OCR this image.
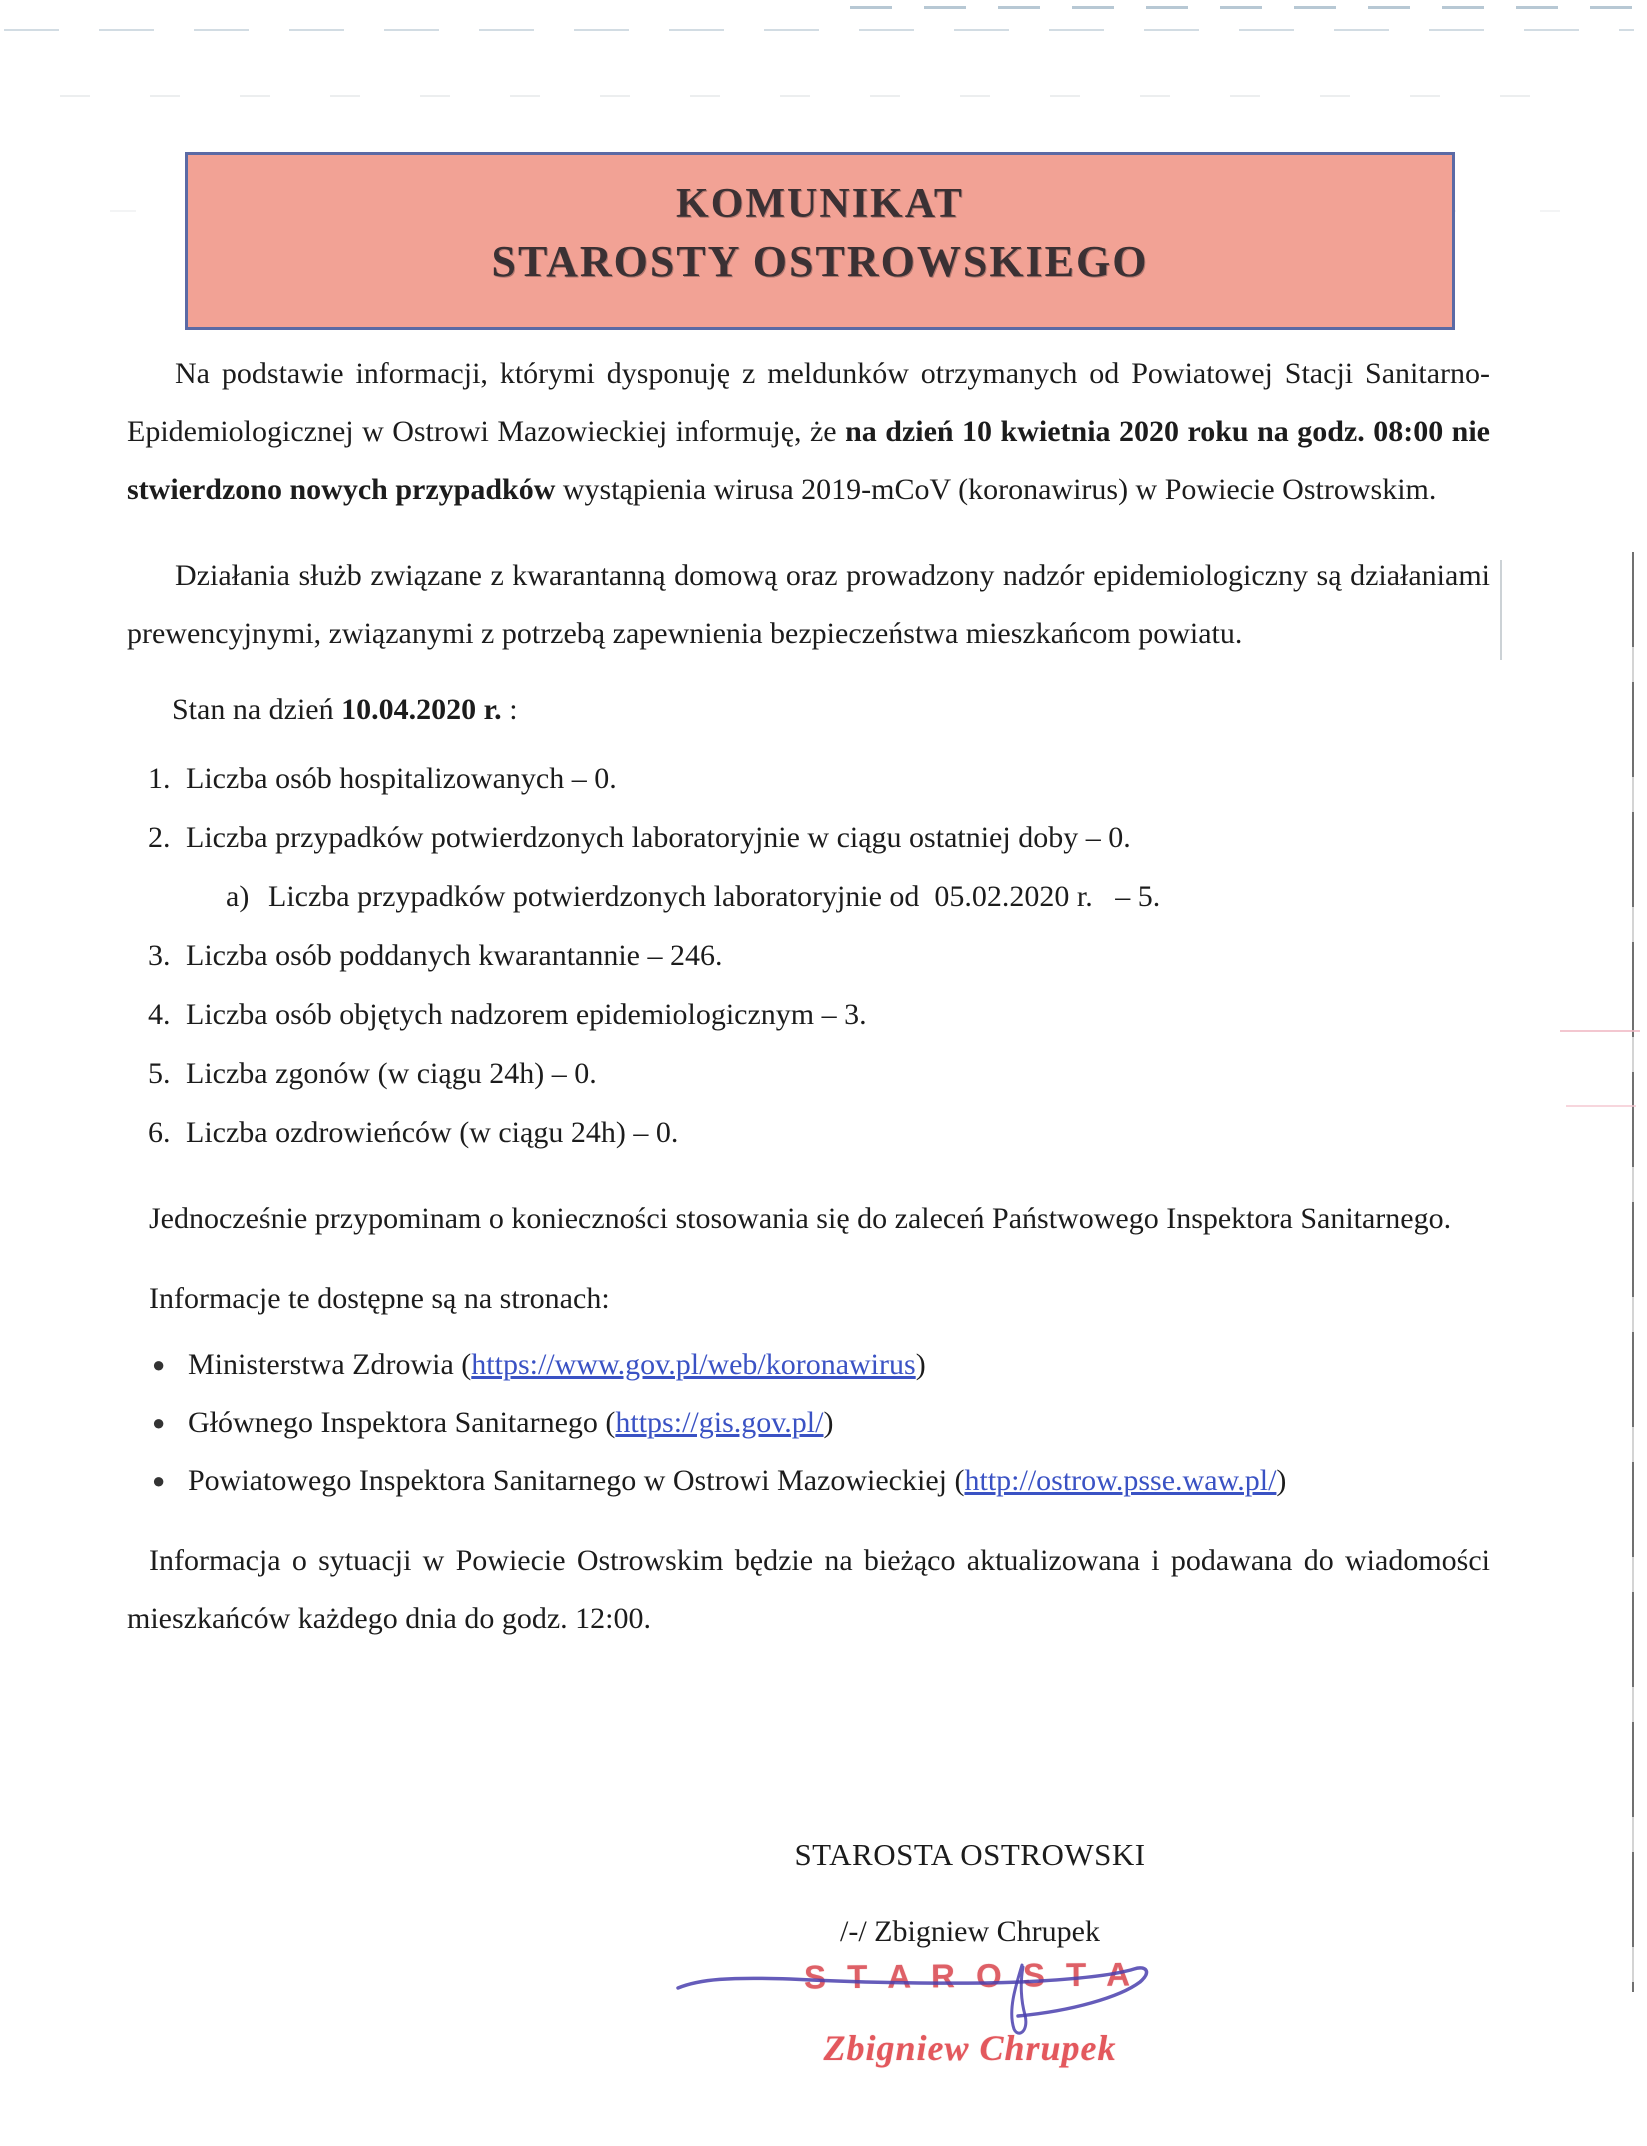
KOMUNIKAT
STAROSTY OSTROWSKIEGO

Na podstawie informacji, którymi dysponuję z meldunków otrzymanych od Powiatowej Stacji Sanitarno-Epidemiologicznej w Ostrowi Mazowieckiej informuję, że na dzień 10 kwietnia 2020 roku na godz. 08:00 nie stwierdzono nowych przypadków wystąpienia wirusa 2019-mCoV (koronawirus) w Powiecie Ostrowskim.

Działania służb związane z kwarantanną domową oraz prowadzony nadzór epidemiologiczny są działaniami prewencyjnymi, związanymi z potrzebą zapewnienia bezpieczeństwa mieszkańcom powiatu.

Stan na dzień 10.04.2020 r. :

1. Liczba osób hospitalizowanych – 0.
2. Liczba przypadków potwierdzonych laboratoryjnie w ciągu ostatniej doby – 0.
a) Liczba przypadków potwierdzonych laboratoryjnie od  05.02.2020 r.   – 5.
3. Liczba osób poddanych kwarantannie – 246.
4. Liczba osób objętych nadzorem epidemiologicznym – 3.
5. Liczba zgonów (w ciągu 24h) – 0.
6. Liczba ozdrowieńców (w ciągu 24h) – 0.

Jednocześnie przypominam o konieczności stosowania się do zaleceń Państwowego Inspektora Sanitarnego.

Informacje te dostępne są na stronach:

● Ministerstwa Zdrowia (https://www.gov.pl/web/koronawirus)
● Głównego Inspektora Sanitarnego (https://gis.gov.pl/)
● Powiatowego Inspektora Sanitarnego w Ostrowi Mazowieckiej (http://ostrow.psse.waw.pl/)

Informacja o sytuacji w Powiecie Ostrowskim będzie na bieżąco aktualizowana i podawana do wiadomości mieszkańców każdego dnia do godz. 12:00.

STAROSTA OSTROWSKI
/-/ Zbigniew Chrupek
S T A R O S T A
Zbigniew Chrupek
